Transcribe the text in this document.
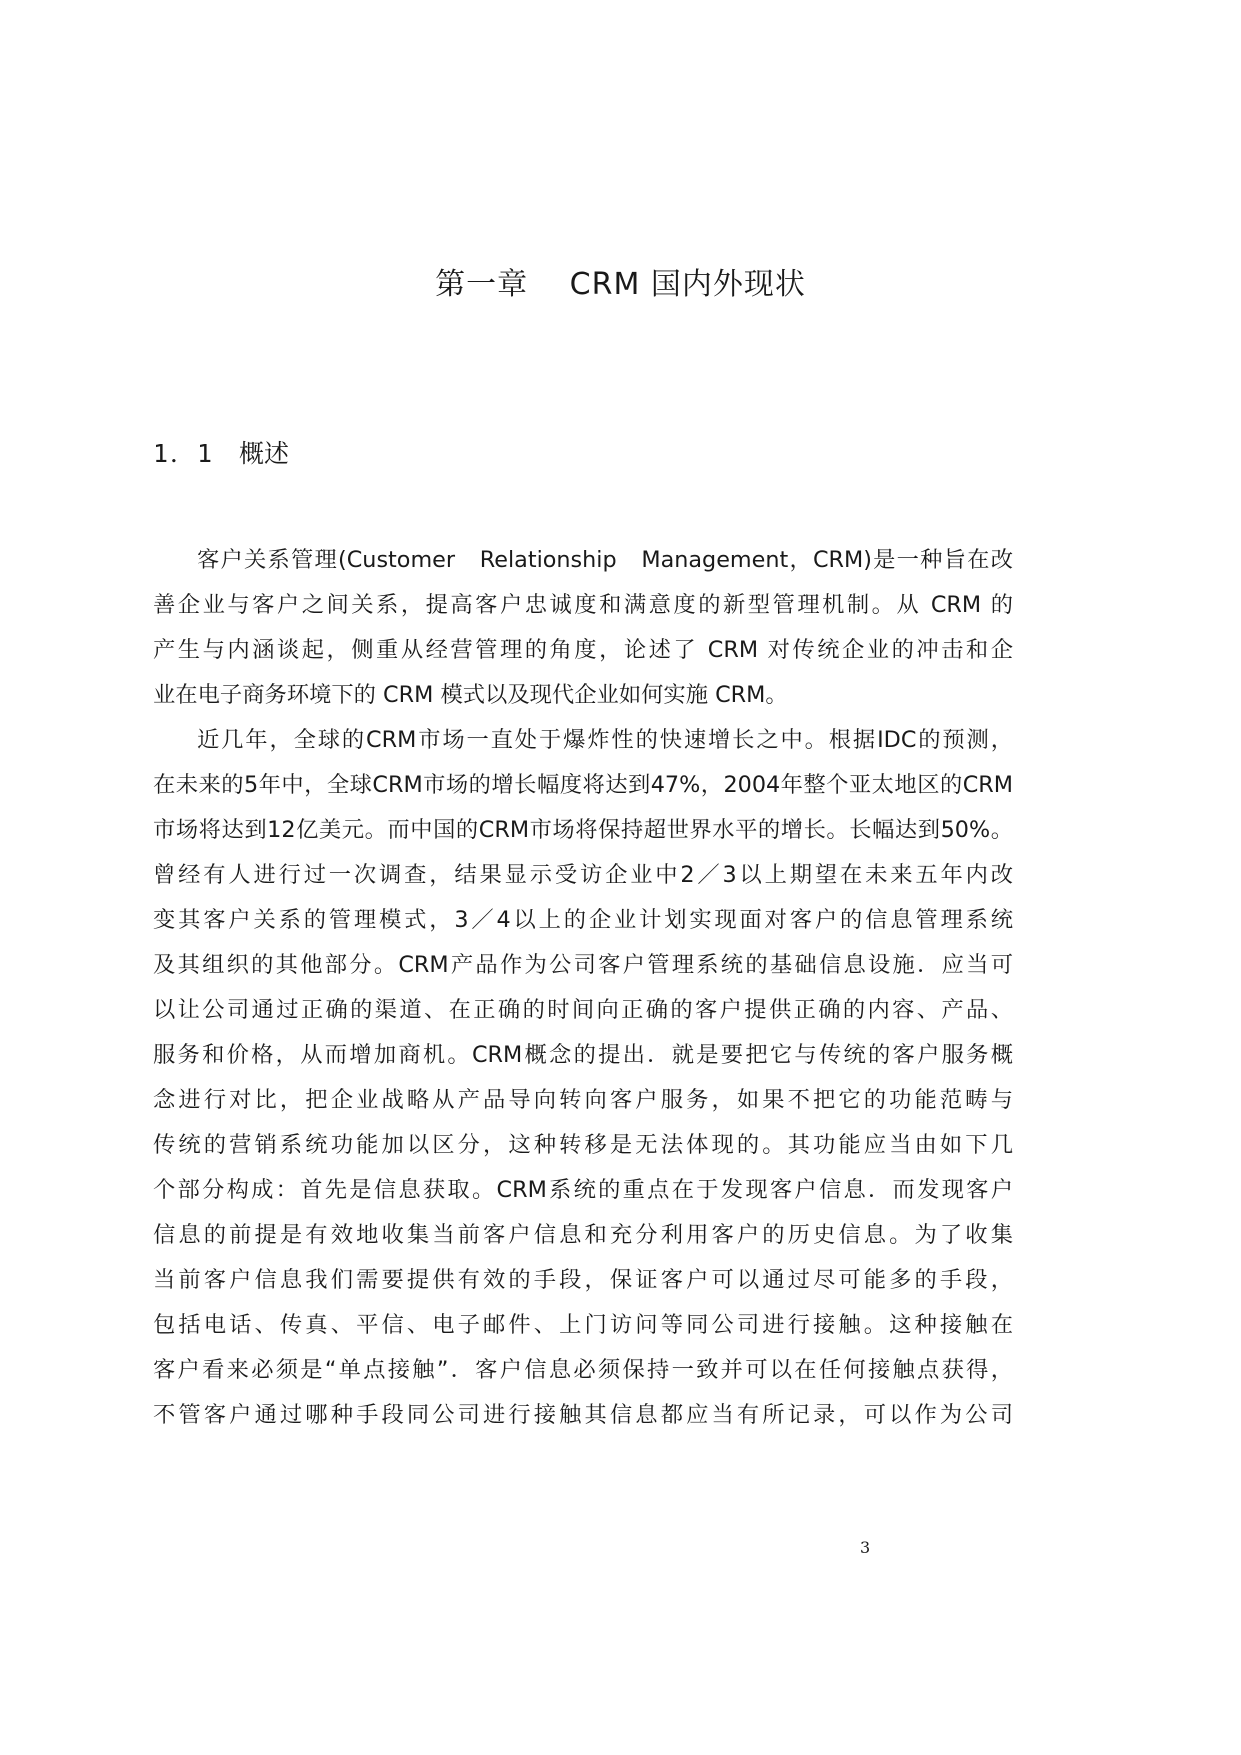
第一章　 CRM 国内外现状
1．1 概述
客户关系管理(Customer　Relationship　Management，CRM)是一种旨在改
善企业与客户之间关系，提高客户忠诚度和满意度的新型管理机制。从 CRM 的
产生与内涵谈起，侧重从经营管理的角度，论述了 CRM 对传统企业的冲击和企
业在电子商务环境下的 CRM 模式以及现代企业如何实施 CRM。
近几年，全球的CRM市场一直处于爆炸性的快速增长之中。根据IDC的预测，
在未来的5年中，全球CRM市场的增长幅度将达到47%，2004年整个亚太地区的CRM
市场将达到12亿美元。而中国的CRM市场将保持超世界水平的增长。长幅达到50%。
曾经有人进行过一次调查，结果显示受访企业中2／3以上期望在未来五年内改
变其客户关系的管理模式，3／4以上的企业计划实现面对客户的信息管理系统
及其组织的其他部分。CRM产品作为公司客户管理系统的基础信息设施．应当可
以让公司通过正确的渠道、在正确的时间向正确的客户提供正确的内容、产品、
服务和价格，从而增加商机。CRM概念的提出．就是要把它与传统的客户服务概
念进行对比，把企业战略从产品导向转向客户服务，如果不把它的功能范畴与
传统的营销系统功能加以区分，这种转移是无法体现的。其功能应当由如下几
个部分构成：首先是信息获取。CRM系统的重点在于发现客户信息．而发现客户
信息的前提是有效地收集当前客户信息和充分利用客户的历史信息。为了收集
当前客户信息我们需要提供有效的手段，保证客户可以通过尽可能多的手段，
包括电话、传真、平信、电子邮件、上门访问等同公司进行接触。这种接触在
客户看来必须是“单点接触”．客户信息必须保持一致并可以在任何接触点获得，
不管客户通过哪种手段同公司进行接触其信息都应当有所记录，可以作为公司
3
